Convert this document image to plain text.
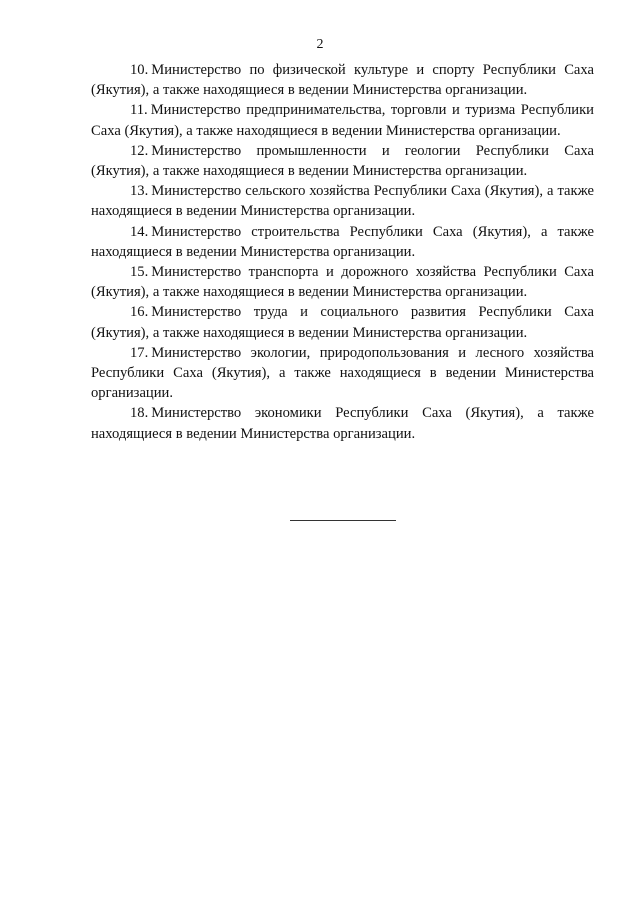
2

10. Министерство по физической культуре и спорту Республики Саха (Якутия), а также находящиеся в ведении Министерства организации.

11. Министерство предпринимательства, торговли и туризма Республики Саха (Якутия), а также находящиеся в ведении Министерства организации.

12. Министерство промышленности и геологии Республики Саха (Якутия), а также находящиеся в ведении Министерства организации.

13. Министерство сельского хозяйства Республики Саха (Якутия), а также находящиеся в ведении Министерства организации.

14. Министерство строительства Республики Саха (Якутия), а также находящиеся в ведении Министерства организации.

15. Министерство транспорта и дорожного хозяйства Республики Саха (Якутия), а также находящиеся в ведении Министерства организации.

16. Министерство труда и социального развития Республики Саха (Якутия), а также находящиеся в ведении Министерства организации.

17. Министерство экологии, природопользования и лесного хозяйства Республики Саха (Якутия), а также находящиеся в ведении Министерства организации.

18. Министерство экономики Республики Саха (Якутия), а также находящиеся в ведении Министерства организации.
